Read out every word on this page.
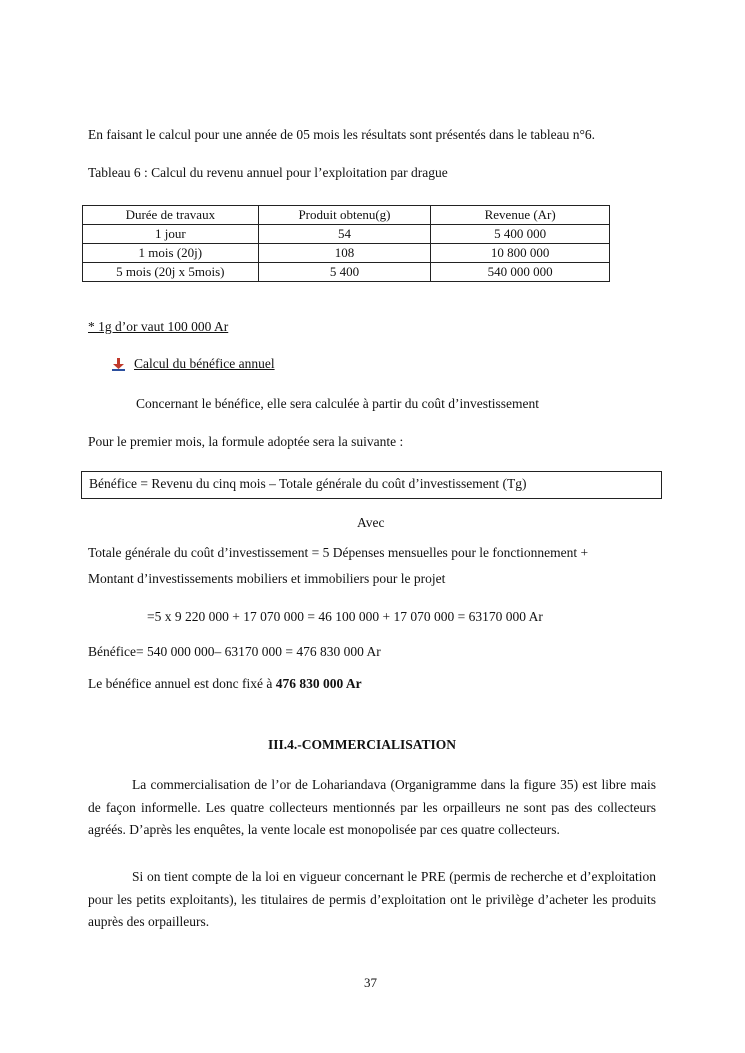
En faisant le calcul pour une année de 05 mois les résultats sont présentés dans le tableau n°6.
Tableau 6 : Calcul du revenu annuel pour l’exploitation par drague
Durée de travaux	Produit obtenu(g)	Revenue (Ar)
1 jour	54	5 400 000
1 mois (20j)	108	10 800 000
5 mois (20j x 5mois)	5 400	540 000 000
* 1g d’or vaut 100 000 Ar
Calcul du bénéfice annuel
Concernant le bénéfice, elle sera calculée à partir du coût d’investissement
Pour le premier mois, la formule adoptée sera la suivante :
Bénéfice = Revenu du cinq mois – Totale générale du coût d’investissement (Tg)
Avec
Totale générale du coût d’investissement = 5 Dépenses mensuelles pour le fonctionnement +
Montant d’investissements mobiliers et immobiliers pour le projet
=5 x 9 220 000 + 17 070 000 = 46 100 000 + 17 070 000 = 63170 000 Ar
Bénéfice= 540 000 000– 63170 000 = 476 830 000 Ar
Le bénéfice annuel est donc fixé à 476 830 000 Ar
III.4.-COMMERCIALISATION
La commercialisation de l’or de Lohariandava (Organigramme dans la figure 35) est libre mais de façon informelle. Les quatre collecteurs mentionnés par les orpailleurs ne sont pas des collecteurs agréés. D’après les enquêtes, la vente locale est monopolisée par ces quatre collecteurs.
Si on tient compte de la loi en vigueur concernant le PRE (permis de recherche et d’exploitation pour les petits exploitants), les titulaires de permis d’exploitation ont le privilège d’acheter les produits auprès des orpailleurs.
37
